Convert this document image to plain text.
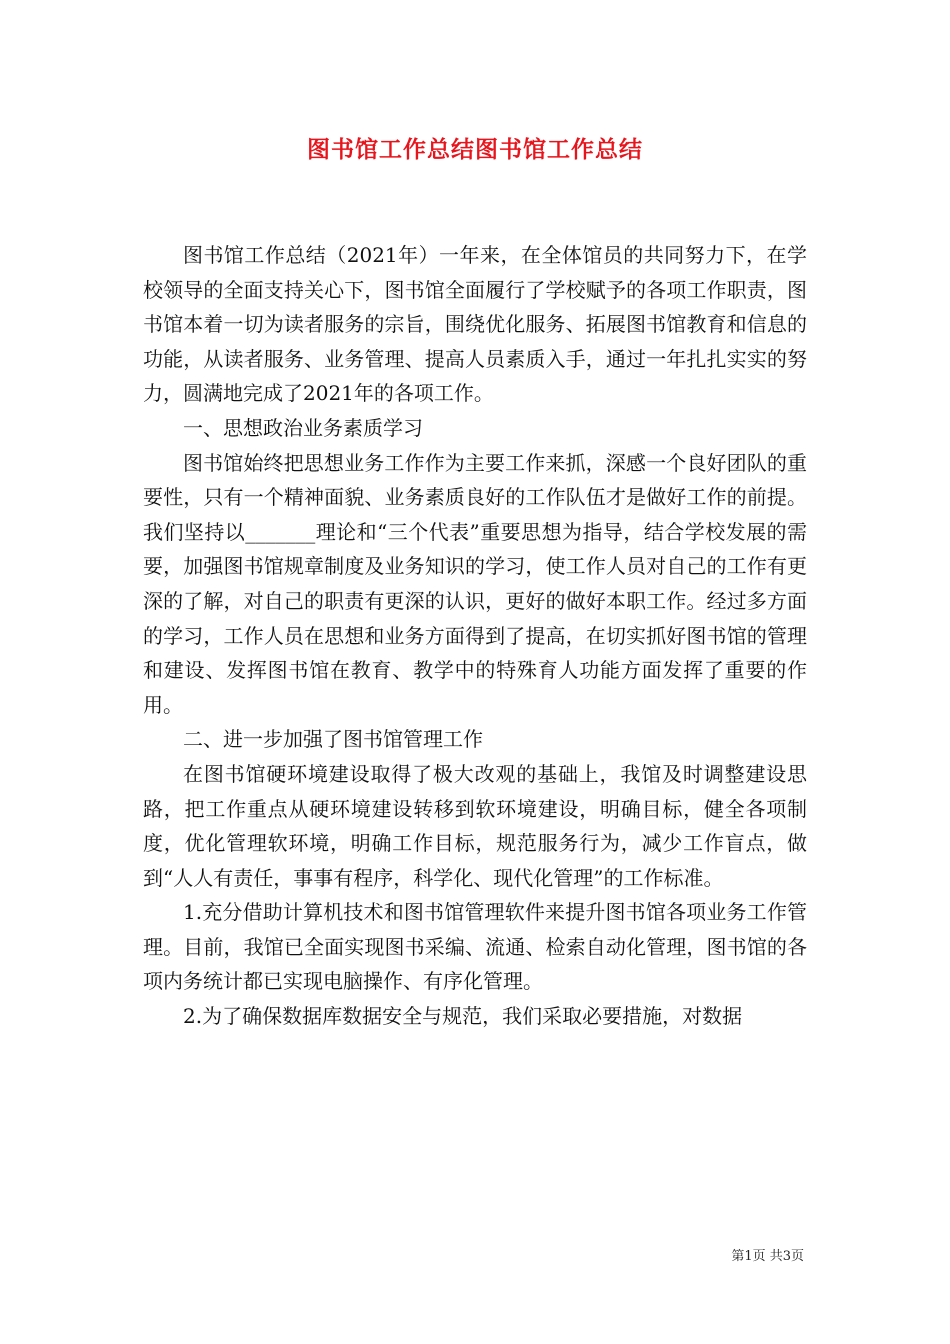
图书馆工作总结图书馆工作总结

图书馆工作总结（2021年）一年来，在全体馆员的共同努力下，在学校领导的全面支持关心下，图书馆全面履行了学校赋予的各项工作职责，图书馆本着一切为读者服务的宗旨，围绕优化服务、拓展图书馆教育和信息的功能，从读者服务、业务管理、提高人员素质入手，通过一年扎扎实实的努力，圆满地完成了2021年的各项工作。

一、思想政治业务素质学习

图书馆始终把思想业务工作作为主要工作来抓，深感一个良好团队的重要性，只有一个精神面貌、业务素质良好的工作队伍才是做好工作的前提。我们坚持以_______理论和“三个代表”重要思想为指导，结合学校发展的需要，加强图书馆规章制度及业务知识的学习，使工作人员对自己的工作有更深的了解，对自己的职责有更深的认识，更好的做好本职工作。经过多方面的学习，工作人员在思想和业务方面得到了提高，在切实抓好图书馆的管理和建设、发挥图书馆在教育、教学中的特殊育人功能方面发挥了重要的作用。

二、进一步加强了图书馆管理工作

在图书馆硬环境建设取得了极大改观的基础上，我馆及时调整建设思路，把工作重点从硬环境建设转移到软环境建设，明确目标，健全各项制度，优化管理软环境，明确工作目标，规范服务行为，减少工作盲点，做到“人人有责任，事事有程序，科学化、现代化管理”的工作标准。

1.充分借助计算机技术和图书馆管理软件来提升图书馆各项业务工作管理。目前，我馆已全面实现图书采编、流通、检索自动化管理，图书馆的各项内务统计都已实现电脑操作、有序化管理。

2.为了确保数据库数据安全与规范，我们采取必要措施，对数据

第1页 共3页
